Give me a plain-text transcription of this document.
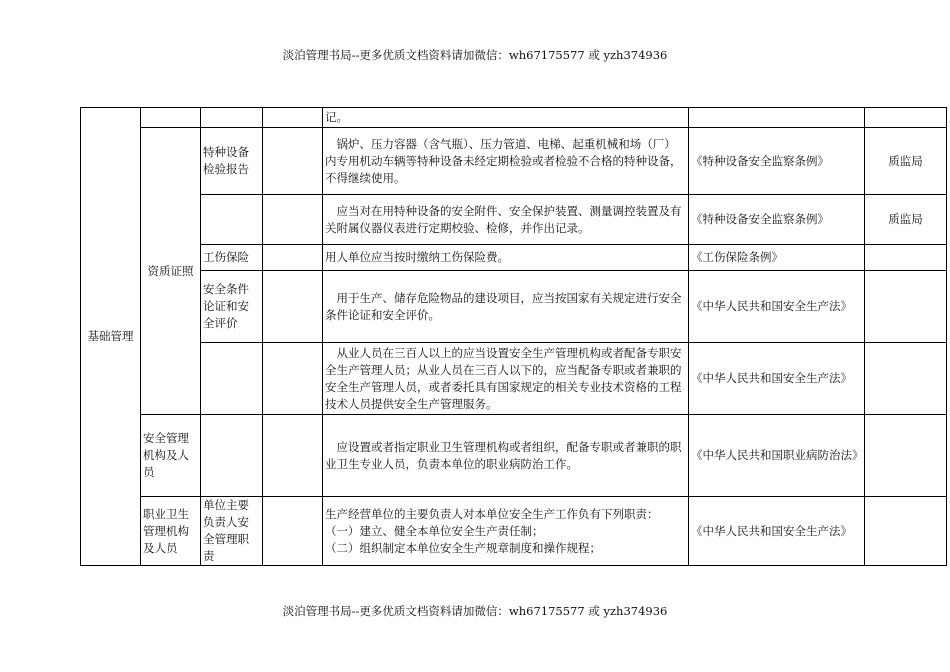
淡泊管理书局--更多优质文档资料请加微信：wh67175577 或 yzh374936
基础管理				记。		
	资质证照	特种设备检验报告		　锅炉、压力容器（含气瓶）、压力管道、电梯、起重机械和场（厂）内专用机动车辆等特种设备未经定期检验或者检验不合格的特种设备，不得继续使用。	《特种设备安全监察条例》	质监局
				　应当对在用特种设备的安全附件、安全保护装置、测量调控装置及有关附属仪器仪表进行定期校验、检修，并作出记录。	《特种设备安全监察条例》	质监局
		工伤保险		用人单位应当按时缴纳工伤保险费。	《工伤保险条例》	
		安全条件论证和安全评价		　用于生产、储存危险物品的建设项目，应当按国家有关规定进行安全条件论证和安全评价。	《中华人民共和国安全生产法》	
				　从业人员在三百人以上的应当设置安全生产管理机构或者配备专职安全生产管理人员；从业人员在三百人以下的，应当配备专职或者兼职的安全生产管理人员，或者委托具有国家规定的相关专业技术资格的工程技术人员提供安全生产管理服务。	《中华人民共和国安全生产法》	
	安全管理机构及人员			　应设置或者指定职业卫生管理机构或者组织，配备专职或者兼职的职业卫生专业人员，负责本单位的职业病防治工作。	《中华人民共和国职业病防治法》	
	职业卫生管理机构及人员	单位主要负责人安全管理职责		生产经营单位的主要负责人对本单位安全生产工作负有下列职责：
（一）建立、健全本单位安全生产责任制；
（二）组织制定本单位安全生产规章制度和操作规程；	《中华人民共和国安全生产法》	
淡泊管理书局--更多优质文档资料请加微信：wh67175577 或 yzh374936
